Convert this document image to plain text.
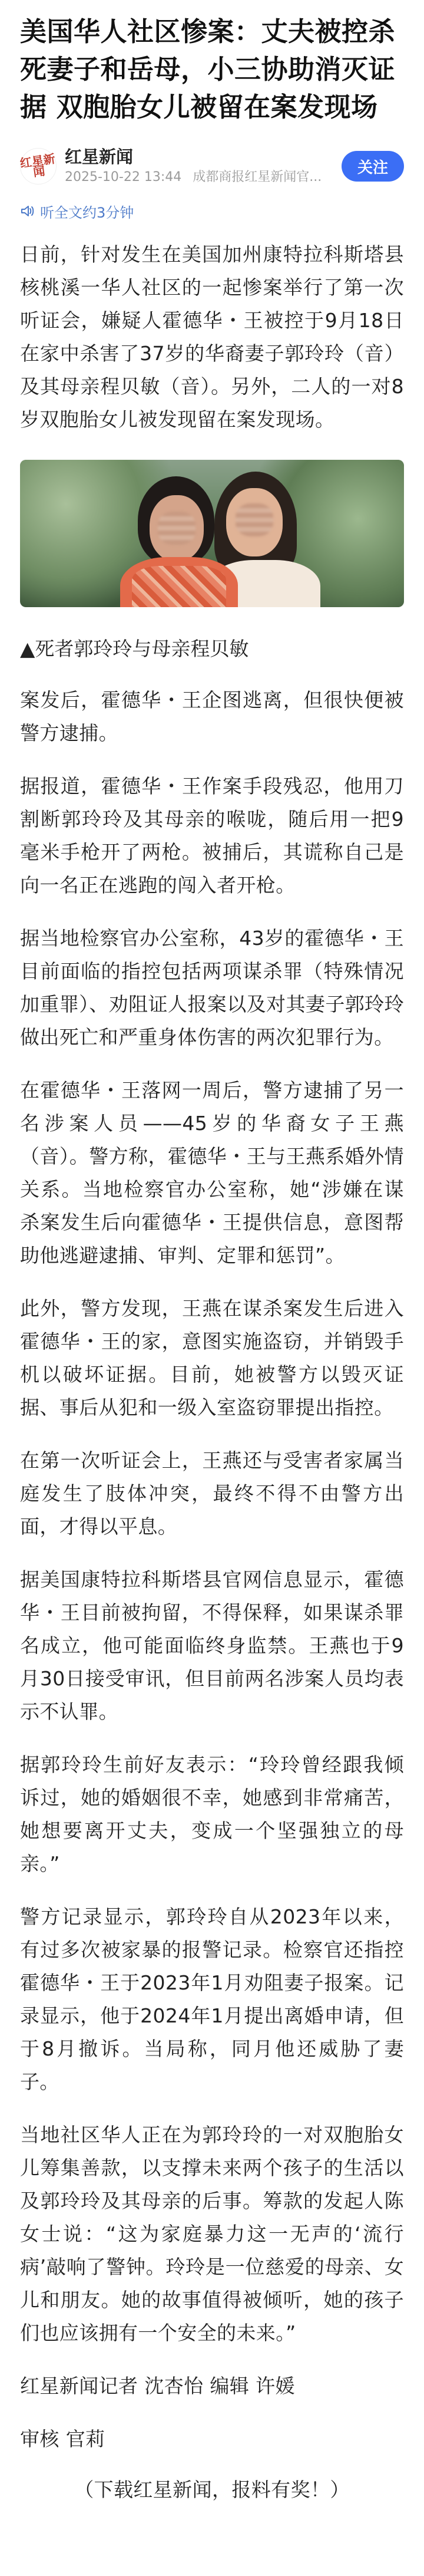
美国华人社区惨案：丈夫被控杀死妻子和岳母，小三协助消灭证据 双胞胎女儿被留在案发现场
红星新闻
红星新闻
2025-10-22 13:44 成都商报红星新闻官...
关注
听全文约3分钟

日前，针对发生在美国加州康特拉科斯塔县核桃溪一华人社区的一起惨案举行了第一次听证会，嫌疑人霍德华・王被控于9月18日在家中杀害了37岁的华裔妻子郭玲玲（音）及其母亲程贝敏（音）。另外，二人的一对8岁双胞胎女儿被发现留在案发现场。

▲死者郭玲玲与母亲程贝敏

案发后，霍德华・王企图逃离，但很快便被警方逮捕。

据报道，霍德华・王作案手段残忍，他用刀割断郭玲玲及其母亲的喉咙，随后用一把9毫米手枪开了两枪。被捕后，其谎称自己是向一名正在逃跑的闯入者开枪。

据当地检察官办公室称，43岁的霍德华・王目前面临的指控包括两项谋杀罪（特殊情况加重罪）、劝阻证人报案以及对其妻子郭玲玲做出死亡和严重身体伤害的两次犯罪行为。

在霍德华・王落网一周后，警方逮捕了另一名涉案人员——45岁的华裔女子王燕（音）。警方称，霍德华・王与王燕系婚外情关系。当地检察官办公室称，她“涉嫌在谋杀案发生后向霍德华・王提供信息，意图帮助他逃避逮捕、审判、定罪和惩罚”。

此外，警方发现，王燕在谋杀案发生后进入霍德华・王的家，意图实施盗窃，并销毁手机以破坏证据。目前，她被警方以毁灭证据、事后从犯和一级入室盗窃罪提出指控。

在第一次听证会上，王燕还与受害者家属当庭发生了肢体冲突，最终不得不由警方出面，才得以平息。

据美国康特拉科斯塔县官网信息显示，霍德华・王目前被拘留，不得保释，如果谋杀罪名成立，他可能面临终身监禁。王燕也于9月30日接受审讯，但目前两名涉案人员均表示不认罪。

据郭玲玲生前好友表示：“玲玲曾经跟我倾诉过，她的婚姻很不幸，她感到非常痛苦，她想要离开丈夫，变成一个坚强独立的母亲。”

警方记录显示，郭玲玲自从2023年以来，有过多次被家暴的报警记录。检察官还指控霍德华・王于2023年1月劝阻妻子报案。记录显示，他于2024年1月提出离婚申请，但于8月撤诉。当局称，同月他还威胁了妻子。

当地社区华人正在为郭玲玲的一对双胞胎女儿筹集善款，以支撑未来两个孩子的生活以及郭玲玲及其母亲的后事。筹款的发起人陈女士说：“这为家庭暴力这一无声的‘流行病’敲响了警钟。玲玲是一位慈爱的母亲、女儿和朋友。她的故事值得被倾听，她的孩子们也应该拥有一个安全的未来。”

红星新闻记者 沈杏怡 编辑 许媛

审核 官莉

（下载红星新闻，报料有奖！）
